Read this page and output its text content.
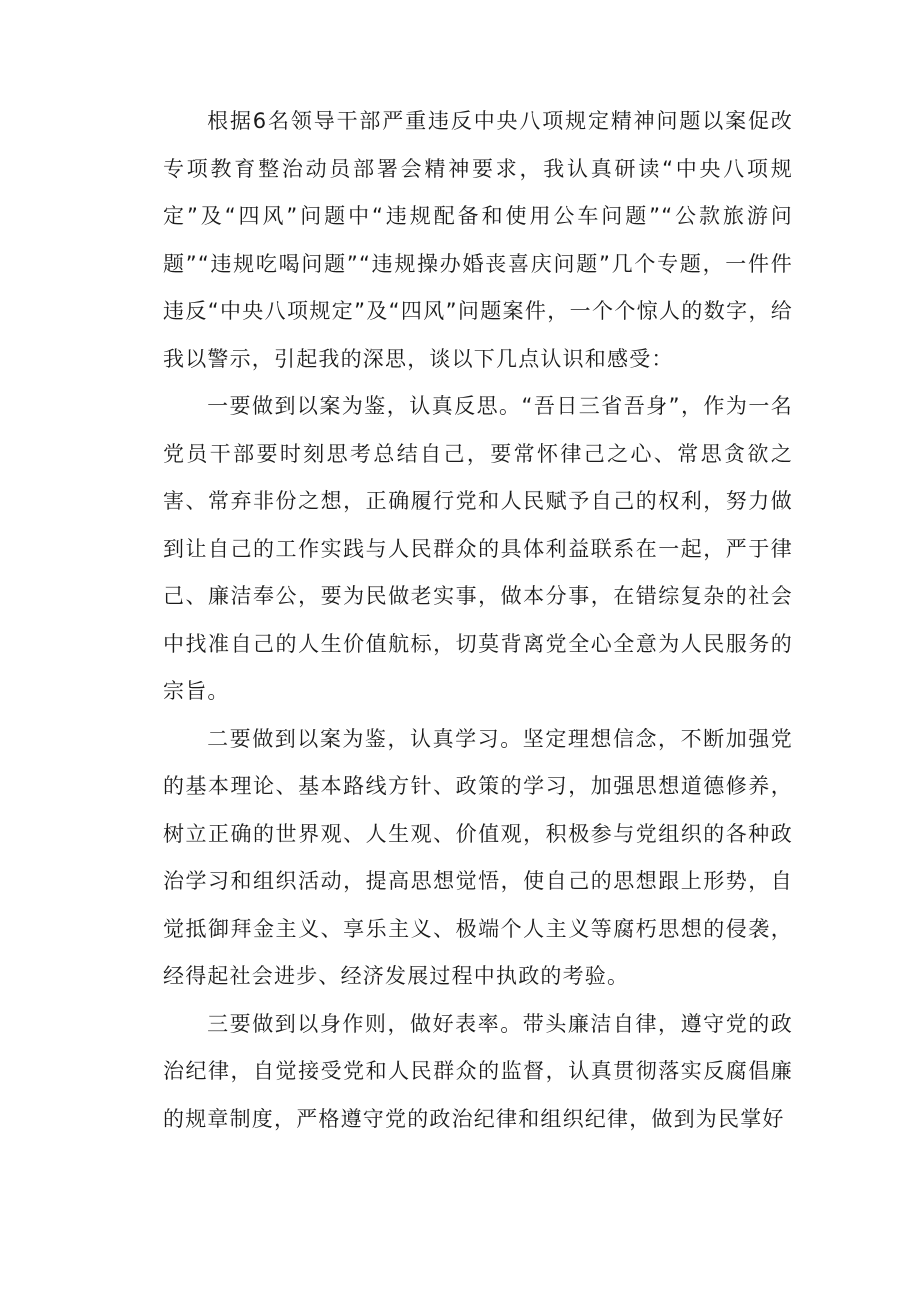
根据6名领导干部严重违反中央八项规定精神问题以案促改专项教育整治动员部署会精神要求，我认真研读“中央八项规定”及“四风”问题中“违规配备和使用公车问题”“公款旅游问题”“违规吃喝问题”“违规操办婚丧喜庆问题”几个专题，一件件违反“中央八项规定”及“四风”问题案件，一个个惊人的数字，给我以警示，引起我的深思，谈以下几点认识和感受：

一要做到以案为鉴，认真反思。“吾日三省吾身”，作为一名党员干部要时刻思考总结自己，要常怀律己之心、常思贪欲之害、常弃非份之想，正确履行党和人民赋予自己的权利，努力做到让自己的工作实践与人民群众的具体利益联系在一起，严于律己、廉洁奉公，要为民做老实事，做本分事，在错综复杂的社会中找准自己的人生价值航标，切莫背离党全心全意为人民服务的宗旨。

二要做到以案为鉴，认真学习。坚定理想信念，不断加强党的基本理论、基本路线方针、政策的学习，加强思想道德修养，树立正确的世界观、人生观、价值观，积极参与党组织的各种政治学习和组织活动，提高思想觉悟，使自己的思想跟上形势，自觉抵御拜金主义、享乐主义、极端个人主义等腐朽思想的侵袭，经得起社会进步、经济发展过程中执政的考验。

三要做到以身作则，做好表率。带头廉洁自律，遵守党的政治纪律，自觉接受党和人民群众的监督，认真贯彻落实反腐倡廉的规章制度，严格遵守党的政治纪律和组织纪律，做到为民掌好
